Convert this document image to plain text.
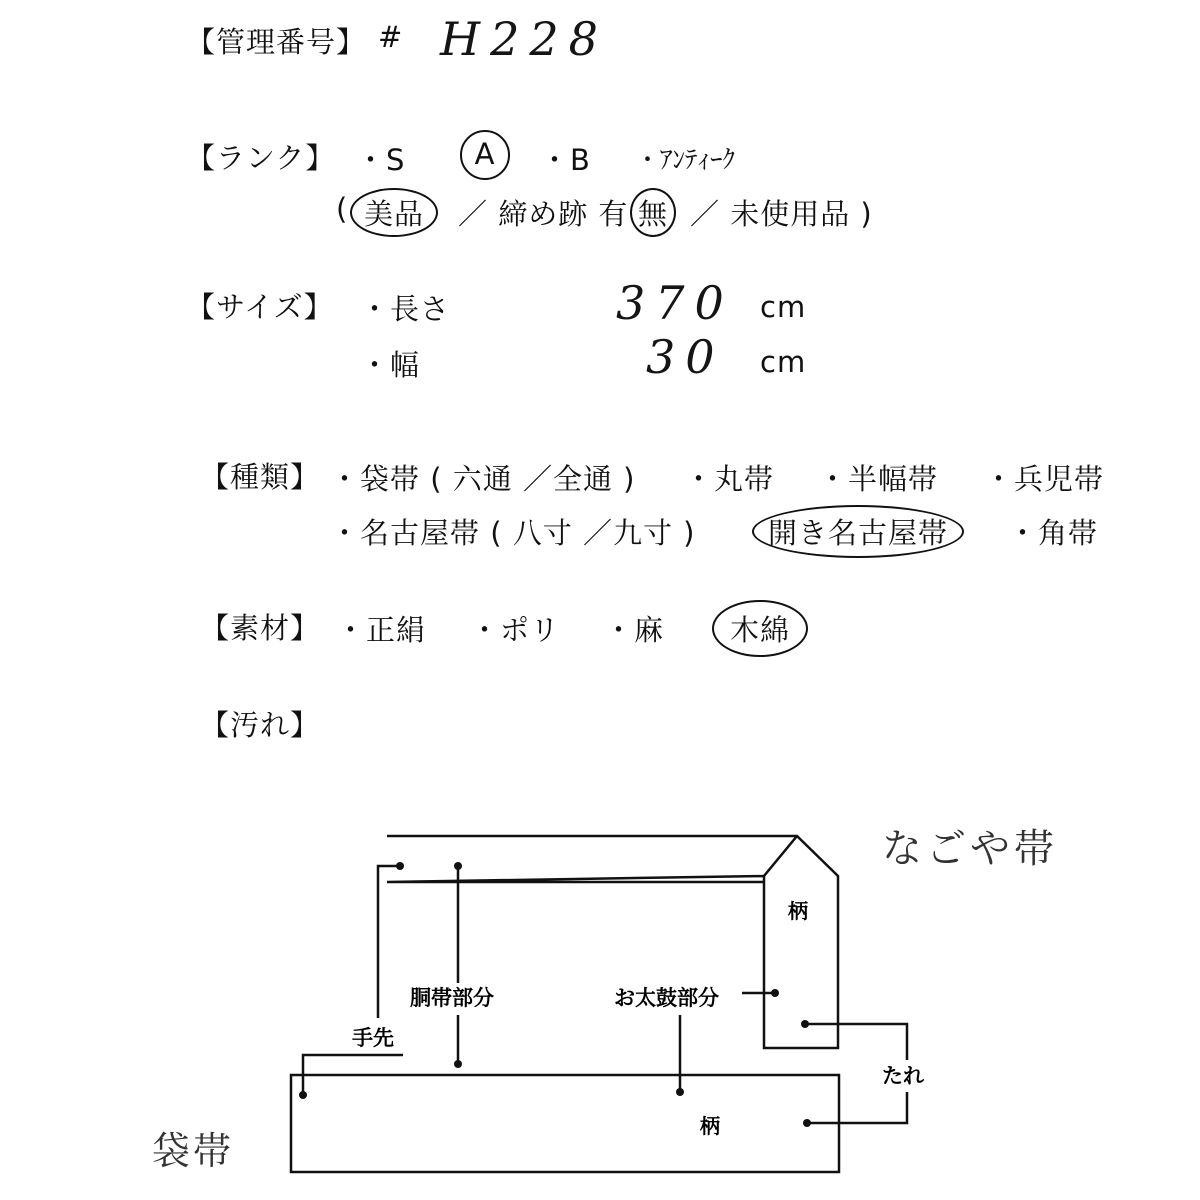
【管理番号】 # H228
【ランク】 ・S	A	・B ・ｱﾝﾃｨｰｸ
( 美品	／ 締め跡 有 無 ／ 未使用品 )
【サイズ】 ・長さ	370 cm
・幅	30 cm
【種類】 ・袋帯 ( 六通 ／全通 ) ・丸帯 ・半幅帯 ・兵児帯
・名古屋帯 ( 八寸 ／九寸 )	開き名古屋帯	・角帯
【素材】 ・正絹 ・ポリ ・麻	木綿
【汚れ】
なごや帯
袋帯
柄
柄
胴帯部分	お太鼓部分
手先
たれ
